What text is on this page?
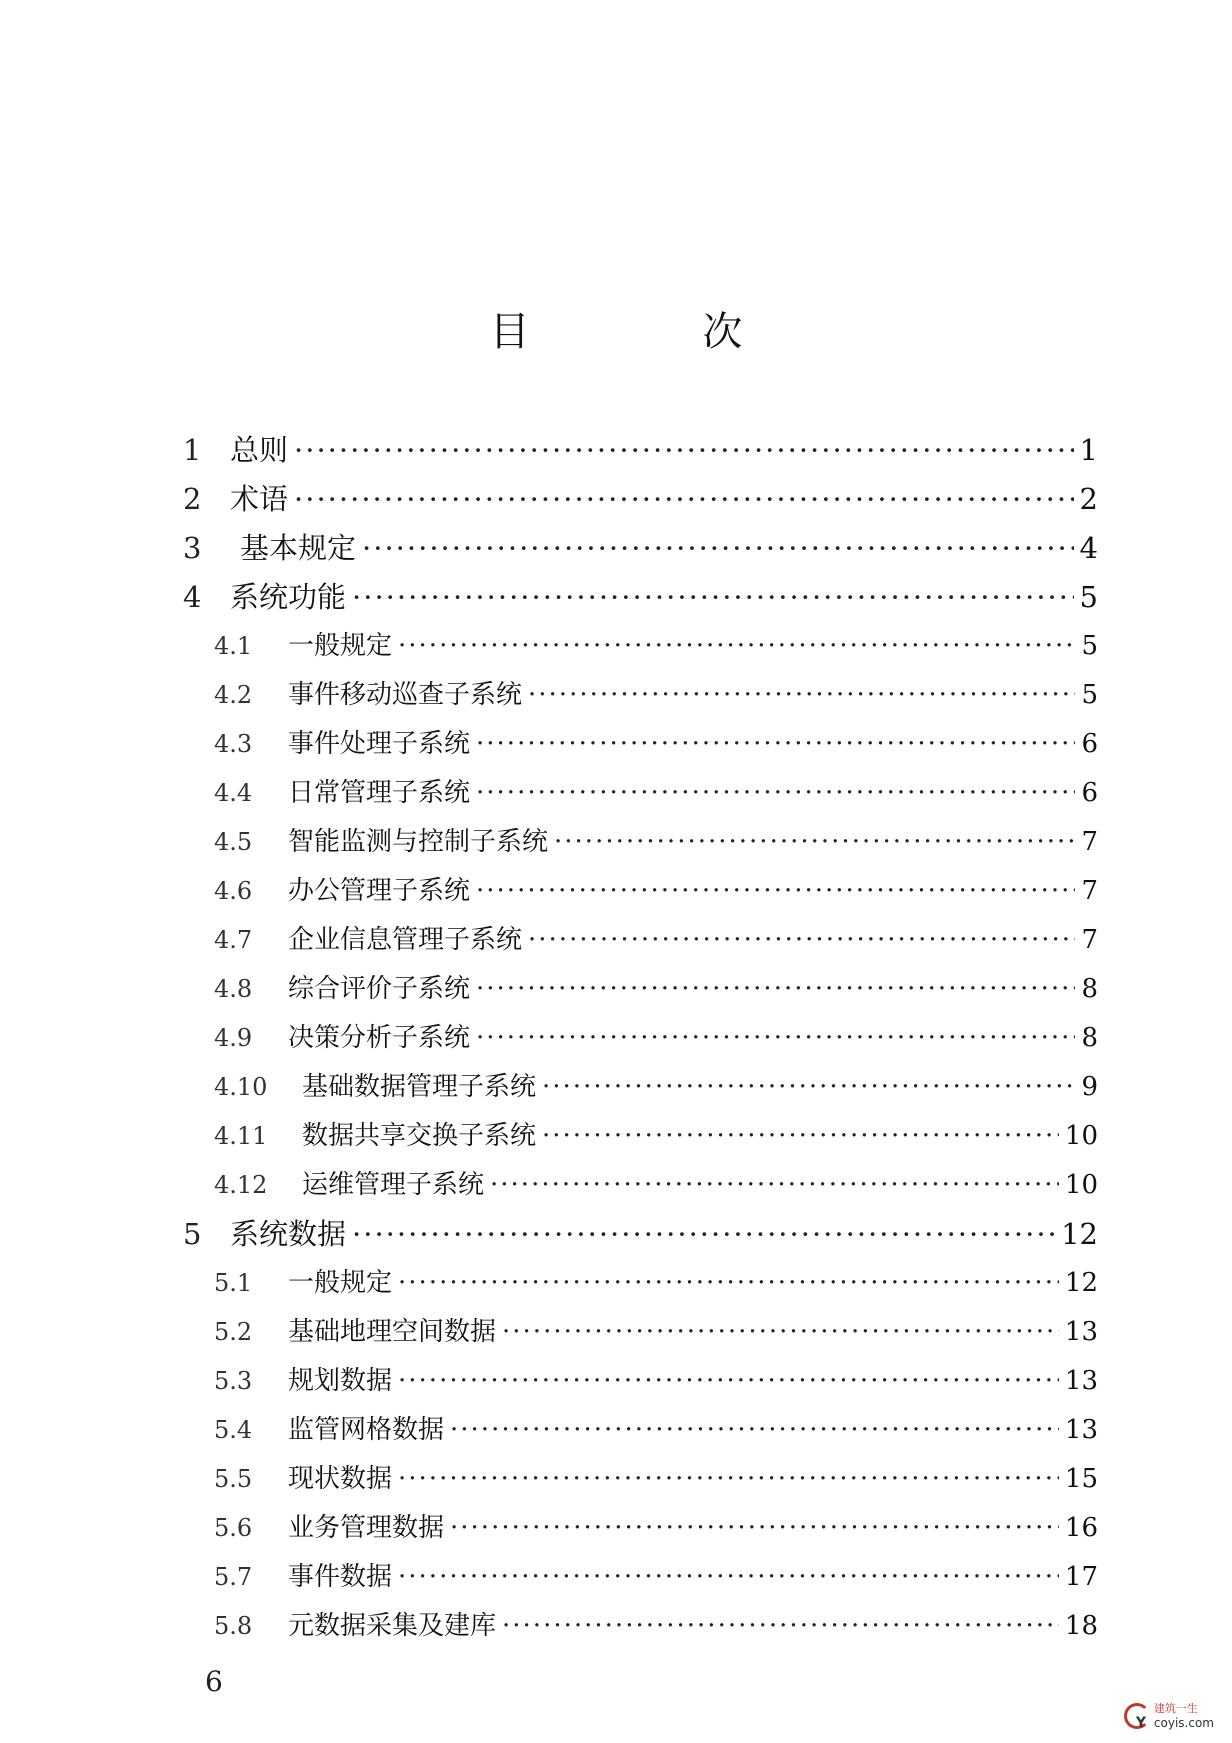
目 次
1 总则 ·····	1
2 术语 ·····	2
3	基本规定 ·····	4
4 系统功能 ·····	5
4.1	一般规定 ·····	5
4.2	事件移动巡查子系统 ·····	5
4.3	事件处理子系统 ·····	6
4.4	日常管理子系统 ·····	6
4.5	智能监测与控制子系统 ·····	7
4.6	办公管理子系统 ·····	7
4.7	企业信息管理子系统 ·····	7
4.8	综合评价子系统 ·····	8
4.9	决策分析子系统 ·····	8
4.10	基础数据管理子系统 ·····	9
4.11	数据共享交换子系统 ·····	10
4.12	运维管理子系统 ·····	10
5 系统数据 ·····	12
5.1	一般规定 ·····	12
5.2	基础地理空间数据 ·····	13
5.3	规划数据 ·····	13
5.4	监管网格数据 ·····	13
5.5	现状数据 ·····	15
5.6	业务管理数据 ·····	16
5.7	事件数据 ·····	17
5.8	元数据采集及建库 ·····	18
6
Y
建筑一生
coyis.com
